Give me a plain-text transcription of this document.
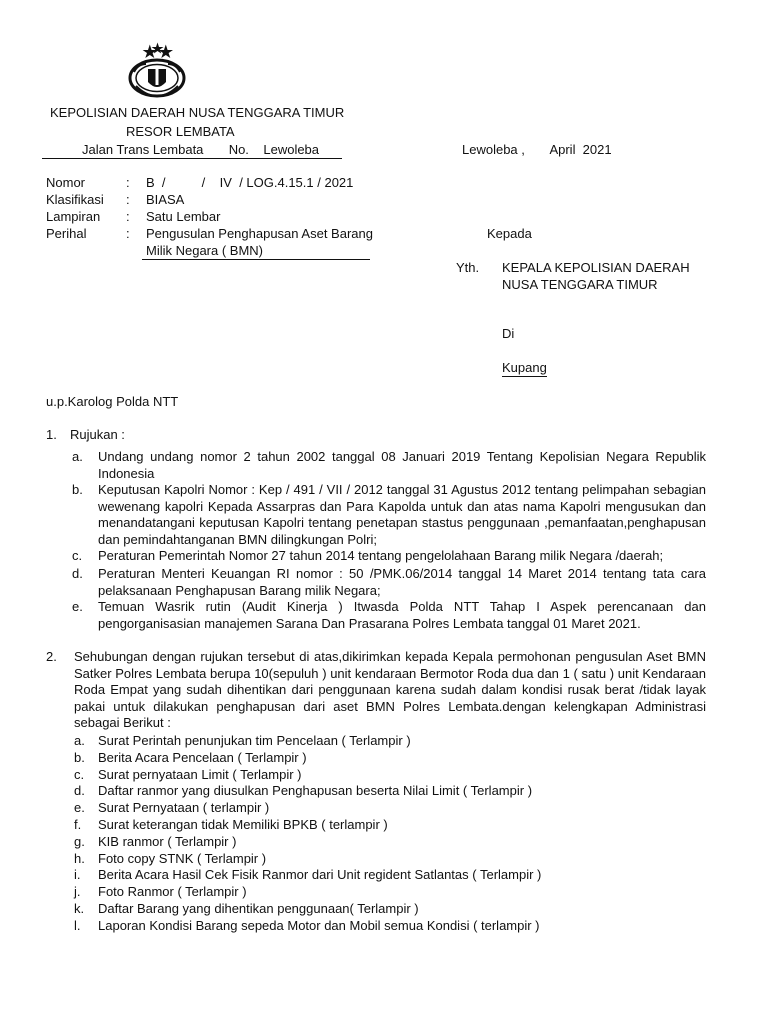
KEPOLISIAN DAERAH NUSA TENGGARA TIMUR
RESOR LEMBATA
Jalan Trans Lembata       No.    Lewoleba	Lewoleba ,       April  2021
Nomor	: B  /          /    IV  / LOG.4.15.1 / 2021
Klasifikasi : BIASA
Lampiran : Satu Lembar
Perihal	: Pengusulan Penghapusan Aset Barang
Milik Negara ( BMN)
Kepada
Yth. KEPALA KEPOLISIAN DAERAH
NUSA TENGGARA TIMUR
Di
Kupang
u.p.Karolog Polda NTT
1. Rujukan :
a. Undang undang nomor 2 tahun 2002 tanggal 08 Januari 2019 Tentang Kepolisian Negara Republik Indonesia
b. Keputusan Kapolri Nomor : Kep / 491 / VII / 2012 tanggal 31 Agustus 2012 tentang pelimpahan sebagian wewenang kapolri Kepada Assarpras dan Para Kapolda untuk dan atas nama Kapolri mengusukan dan menandatangani keputusan Kapolri tentang penetapan stastus penggunaan ,pemanfaatan,penghapusan dan pemindahtanganan BMN dilingkungan Polri;
c. Peraturan Pemerintah Nomor 27 tahun 2014 tentang pengelolahaan Barang milik Negara /daerah;
d. Peraturan Menteri Keuangan RI nomor : 50 /PMK.06/2014 tanggal 14 Maret 2014 tentang tata cara pelaksanaan Penghapusan Barang milik Negara;
e. Temuan Wasrik rutin (Audit Kinerja ) Itwasda Polda NTT Tahap I Aspek perencanaan dan pengorganisasian manajemen Sarana Dan Prasarana Polres Lembata tanggal 01 Maret 2021.
2. Sehubungan dengan rujukan tersebut di atas,dikirimkan kepada Kepala permohonan pengusulan Aset BMN Satker Polres Lembata berupa 10(sepuluh ) unit kendaraan Bermotor Roda dua dan 1 ( satu ) unit Kendaraan Roda Empat yang sudah dihentikan dari penggunaan karena sudah dalam kondisi rusak berat /tidak layak pakai untuk dilakukan penghapusan dari aset BMN Polres Lembata.dengan kelengkapan Administrasi sebagai Berikut :
a. Surat Perintah penunjukan tim Pencelaan ( Terlampir )
b. Berita Acara Pencelaan ( Terlampir )
c. Surat pernyataan Limit ( Terlampir )
d. Daftar ranmor yang diusulkan Penghapusan beserta Nilai Limit ( Terlampir )
e. Surat Pernyataan ( terlampir )
f. Surat keterangan tidak Memiliki BPKB ( terlampir )
g. KIB ranmor ( Terlampir )
h. Foto copy STNK ( Terlampir )
i. Berita Acara Hasil Cek Fisik Ranmor dari Unit regident Satlantas ( Terlampir )
j. Foto Ranmor ( Terlampir )
k. Daftar Barang yang dihentikan penggunaan( Terlampir )
l. Laporan Kondisi Barang sepeda Motor dan Mobil semua Kondisi ( terlampir )
